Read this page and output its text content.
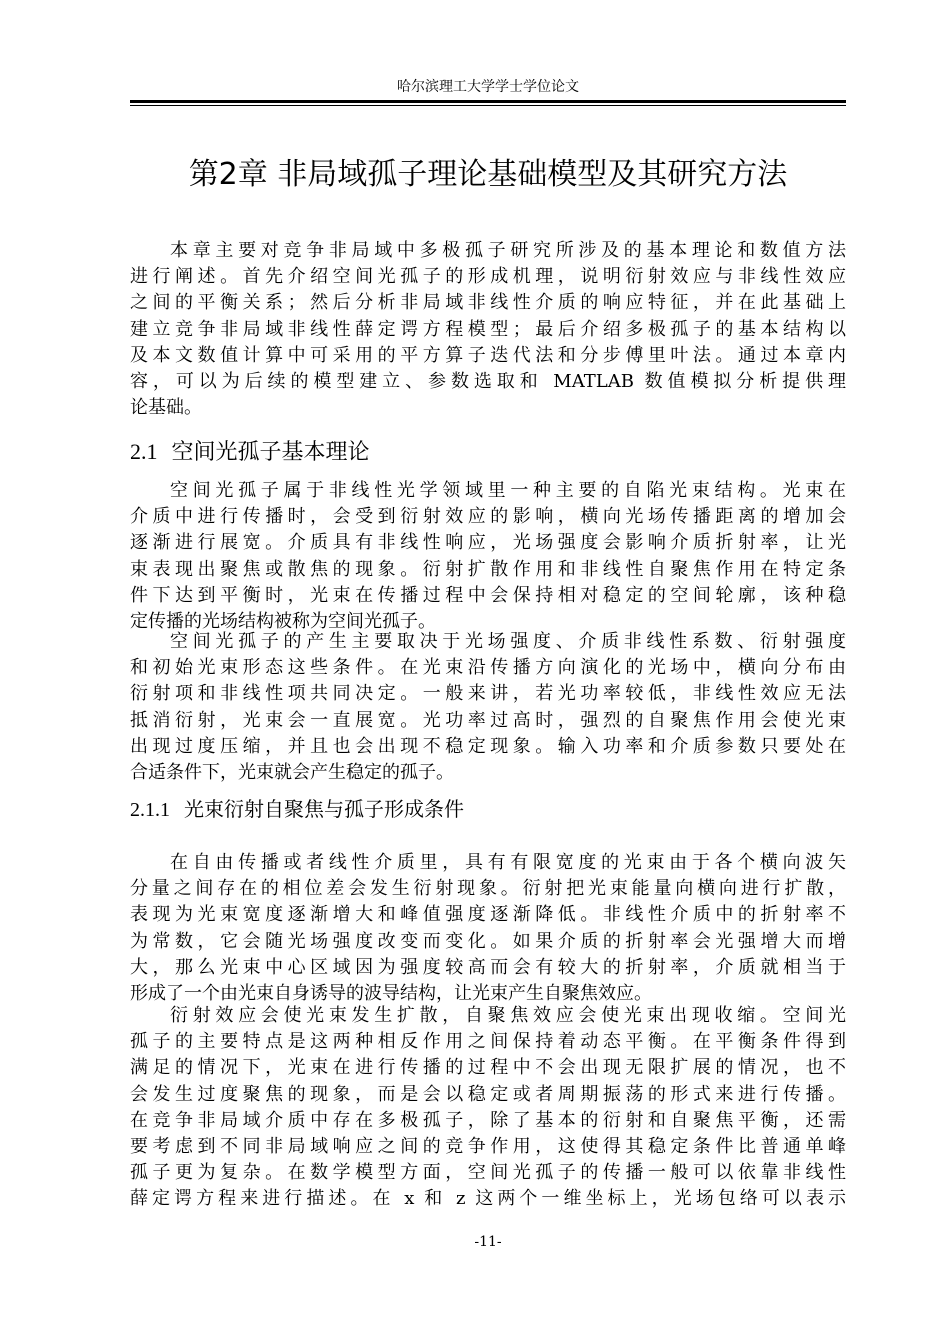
哈尔滨理工大学学士学位论文
第2章 非局域孤子理论基础模型及其研究方法
本章主要对竞争非局域中多极孤子研究所涉及的基本理论和数值方法
进行阐述。首先介绍空间光孤子的形成机理，说明衍射效应与非线性效应
之间的平衡关系；然后分析非局域非线性介质的响应特征，并在此基础上
建立竞争非局域非线性薛定谔方程模型；最后介绍多极孤子的基本结构以
及本文数值计算中可采用的平方算子迭代法和分步傅里叶法。通过本章内
容，可以为后续的模型建立、参数选取和 MATLAB 数值模拟分析提供理
论基础。
2.1 空间光孤子基本理论
空间光孤子属于非线性光学领域里一种主要的自陷光束结构。光束在
介质中进行传播时，会受到衍射效应的影响，横向光场传播距离的增加会
逐渐进行展宽。介质具有非线性响应，光场强度会影响介质折射率，让光
束表现出聚焦或散焦的现象。衍射扩散作用和非线性自聚焦作用在特定条
件下达到平衡时，光束在传播过程中会保持相对稳定的空间轮廓，该种稳
定传播的光场结构被称为空间光孤子。
空间光孤子的产生主要取决于光场强度、介质非线性系数、衍射强度
和初始光束形态这些条件。在光束沿传播方向演化的光场中，横向分布由
衍射项和非线性项共同决定。一般来讲，若光功率较低，非线性效应无法
抵消衍射，光束会一直展宽。光功率过高时，强烈的自聚焦作用会使光束
出现过度压缩，并且也会出现不稳定现象。输入功率和介质参数只要处在
合适条件下，光束就会产生稳定的孤子。
2.1.1 光束衍射自聚焦与孤子形成条件
在自由传播或者线性介质里，具有有限宽度的光束由于各个横向波矢
分量之间存在的相位差会发生衍射现象。衍射把光束能量向横向进行扩散，
表现为光束宽度逐渐增大和峰值强度逐渐降低。非线性介质中的折射率不
为常数，它会随光场强度改变而变化。如果介质的折射率会光强增大而增
大，那么光束中心区域因为强度较高而会有较大的折射率，介质就相当于
形成了一个由光束自身诱导的波导结构，让光束产生自聚焦效应。
衍射效应会使光束发生扩散，自聚焦效应会使光束出现收缩。空间光
孤子的主要特点是这两种相反作用之间保持着动态平衡。在平衡条件得到
满足的情况下，光束在进行传播的过程中不会出现无限扩展的情况，也不
会发生过度聚焦的现象，而是会以稳定或者周期振荡的形式来进行传播。
在竞争非局域介质中存在多极孤子，除了基本的衍射和自聚焦平衡，还需
要考虑到不同非局域响应之间的竞争作用，这使得其稳定条件比普通单峰
孤子更为复杂。在数学模型方面，空间光孤子的传播一般可以依靠非线性
薛定谔方程来进行描述。在 x 和 z 这两个一维坐标上，光场包络可以表示
-11-
